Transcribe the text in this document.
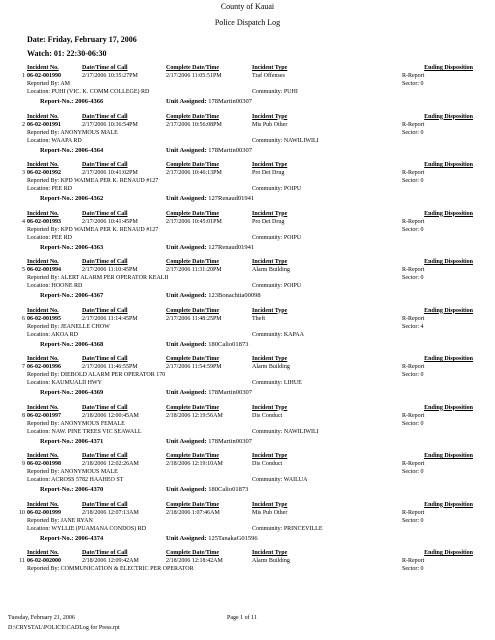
County of Kauai
Police Dispatch Log
Date: Friday, February 17, 2006
Watch: 01: 22:30-06:30
Incident No.	Date/Time of Call	Complete Date/Time	Incident Type	Ending Disposition
1 06-02-001990	2/17/2006 10:35:27PM	2/17/2006 11:05:51PM	Traf Offenses	R-Report
Reported By: AM	Sector: 0
Location: PUHI (VIC. K. COMM COLLEGE) RD	Community: PUHI
Report-No.: 2006-4366	Unit Assigned: 178Martin00307
Incident No.	Date/Time of Call	Complete Date/Time	Incident Type	Ending Disposition
2 06-02-001991	2/17/2006 10:36:54PM	2/17/2006 10:56:08PM	Mis Pub Other	R-Report
Reported By: ANONYMOUS MALE	Sector: 0
Location: WAAPA RD	Community: NAWILIWILI
Report-No.: 2006-4364	Unit Assigned: 178Martin00307
Incident No.	Date/Time of Call	Complete Date/Time	Incident Type	Ending Disposition
3 06-02-001992	2/17/2006 10:41:02PM	2/17/2006 10:46:13PM	Pro Det Drug	R-Report
Reported By: KPD WAIMEA PER K. RENAUD #127	Sector: 0
Location: PEE RD	Community: POIPU
Report-No.: 2006-4362	Unit Assigned: 127Renaud01941
Incident No.	Date/Time of Call	Complete Date/Time	Incident Type	Ending Disposition
4 06-02-001993	2/17/2006 10:41:45PM	2/17/2006 10:45:01PM	Pro Det Drug	R-Report
Reported By: KPD WAIMEA PER K. RENAUD #127	Sector: 0
Location: PEE RD	Community: POIPU
Report-No.: 2006-4363	Unit Assigned: 127Renaud01941
Incident No.	Date/Time of Call	Complete Date/Time	Incident Type	Ending Disposition
5 06-02-001994	2/17/2006 11:10:45PM	2/17/2006 11:31:20PM	Alarm Building	R-Report
Reported By: ALERT ALARM PER OPERATOR KEALII	Sector: 0
Location: HOONE RD	Community: POIPU
Report-No.: 2006-4367	Unit Assigned: 123Bonachita00098
Incident No.	Date/Time of Call	Complete Date/Time	Incident Type	Ending Disposition
6 06-02-001995	2/17/2006 11:14:45PM	2/17/2006 11:48:25PM	Theft	R-Report
Reported By: JEANELLE CHOW	Sector: 4
Location: AKOA RD	Community: KAPAA
Report-No.: 2006-4368	Unit Assigned: 180Calio01873
Incident No.	Date/Time of Call	Complete Date/Time	Incident Type	Ending Disposition
7 06-02-001996	2/17/2006 11:46:55PM	2/17/2006 11:54:59PM	Alarm Building	R-Report
Reported By: DIEBOLD ALARM PER OPERATOR 170	Sector: 0
Location: KAUMUALII HWY	Community: LIHUE
Report-No.: 2006-4369	Unit Assigned: 178Martin00307
Incident No.	Date/Time of Call	Complete Date/Time	Incident Type	Ending Disposition
8 06-02-001997	2/18/2006 12:00:45AM	2/18/2006 12:19:56AM	Dis Conduct	R-Report
Reported By: ANONYMOUS FEMALE	Sector: 0
Location: NAW. PINE TREES VIC SEAWALL	Community: NAWILIWILI
Report-No.: 2006-4371	Unit Assigned: 178Martin00307
Incident No.	Date/Time of Call	Complete Date/Time	Incident Type	Ending Disposition
9 06-02-001998	2/18/2006 12:02:26AM	2/18/2006 12:19:10AM	Dis Conduct	R-Report
Reported By: ANONYMOUS MALE	Sector: 0
Location: ACROSS 5782 HAAHEO ST	Community: WAILUA
Report-No.: 2006-4370	Unit Assigned: 180Calio01873
Incident No.	Date/Time of Call	Complete Date/Time	Incident Type	Ending Disposition
10 06-02-001999	2/18/2006 12:07:13AM	2/18/2006 1:07:46AM	Mis Pub Other	R-Report
Reported By: JANE RYAN	Sector: 0
Location: WYLLIE (PUAMANA CONDOS) RD	Community: PRINCEVILLE
Report-No.: 2006-4374	Unit Assigned: 125TanakaG01596
Incident No.	Date/Time of Call	Complete Date/Time	Incident Type	Ending Disposition
11 06-02-002000	2/18/2006 12:09:42AM	2/18/2006 12:18:42AM	Alarm Building	R-Report
Reported By: COMMUNICATION & ELECTRIC PER OPERATOR	Sector: 0
Tuesday, February 21, 2006
D:\CRYSTAL\POLICE\CADLog for Press.rpt
Page 1 of 11
